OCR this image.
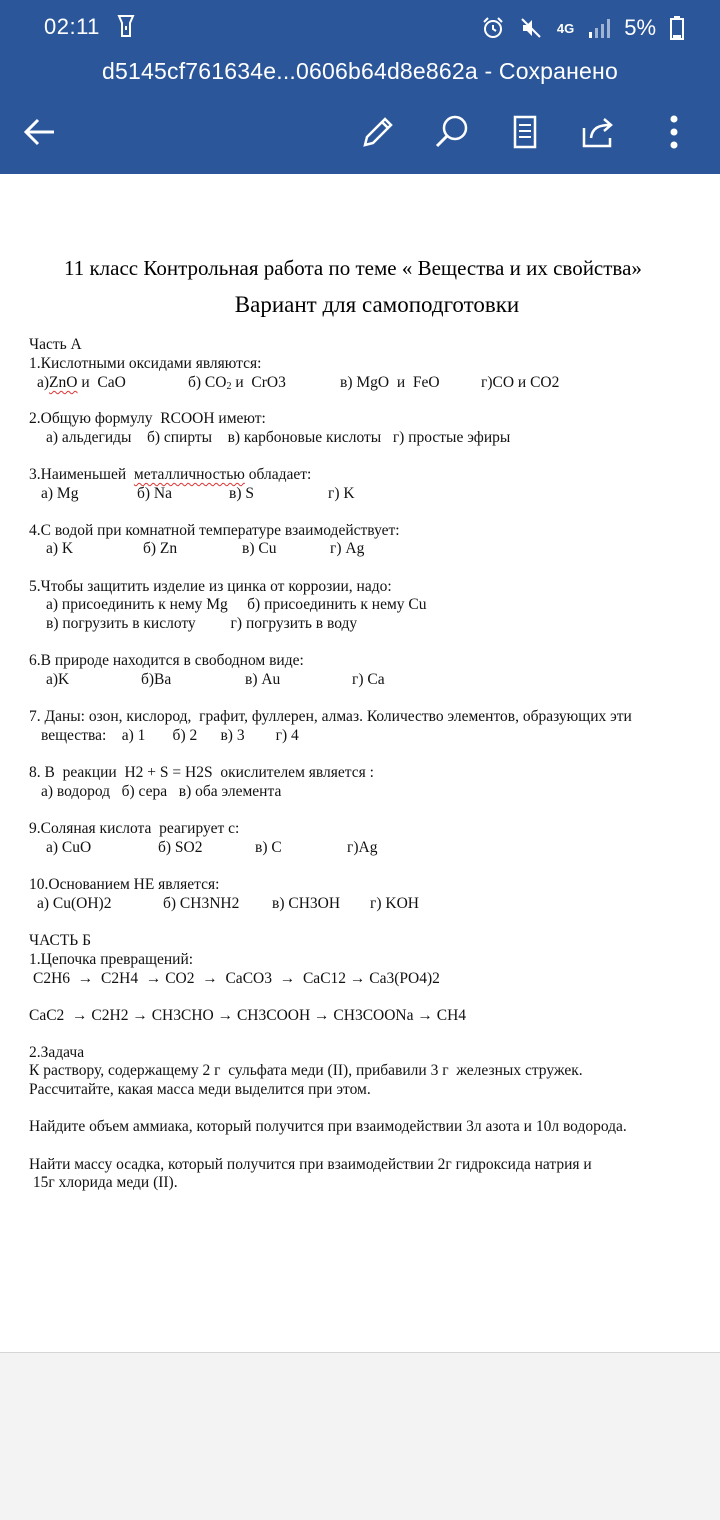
02:11	4G 5%
d5145cf761634e...0606b64d8e862a - Сохранено
11 класс Контрольная работа по теме « Вещества и их свойства»
Вариант для самоподготовки
Часть А
1.Кислотными оксидами являются:
а)ZnO и  CaO	б) $CO_2$ и  CrO3	в) MgO  и  FeO	г)CO и CO2
2.Общую формулу  RCOOH имеют:
а) альдегиды    б) спирты    в) карбоновые кислоты   г) простые эфиры
3.Наименьшей  металличностью обладает:
а) Mg	б) Na	в) S	г) K
4.С водой при комнатной температуре взаимодействует:
а) K	б) Zn	в) Cu	г) Ag
5.Чтобы защитить изделие из цинка от коррозии, надо:
а) присоединить к нему Mg     б) присоединить к нему Cu
в) погрузить в кислоту         г) погрузить в воду
6.В природе находится в свободном виде:
а)K	б)Ba	в) Au	г) Ca
7. Даны: озон, кислород,  графит, фуллерен, алмаз. Количество элементов, образующих эти
вещества:    а) 1       б) 2      в) 3        г) 4
8. В  реакции  H2 + S = H2S  окислителем является :
а) водород   б) сера   в) оба элемента
9.Соляная кислота  реагирует с:
а) CuO	б) SO2	в) C	г)Ag
10.Основанием НЕ является:
а) Cu(OH)2	б) CH3NH2 в) CH3OH г) KOH
ЧАСТЬ Б
1.Цепочка превращений:
C2H6  →  C2H4  → CO2  →  CaCO3  →  CaC12 → Ca3(PO4)2
CaC2  → C2H2 → CH3CHO → CH3COOH → CH3COONa → CH4
2.Задача
К раствору, содержащему 2 г  сульфата меди (II), прибавили 3 г  железных стружек.
Рассчитайте, какая масса меди выделится при этом.
Найдите объем аммиака, который получится при взаимодействии 3л азота и 10л водорода.
Найти массу осадка, который получится при взаимодействии 2г гидроксида натрия и
15г хлорида меди (II).
